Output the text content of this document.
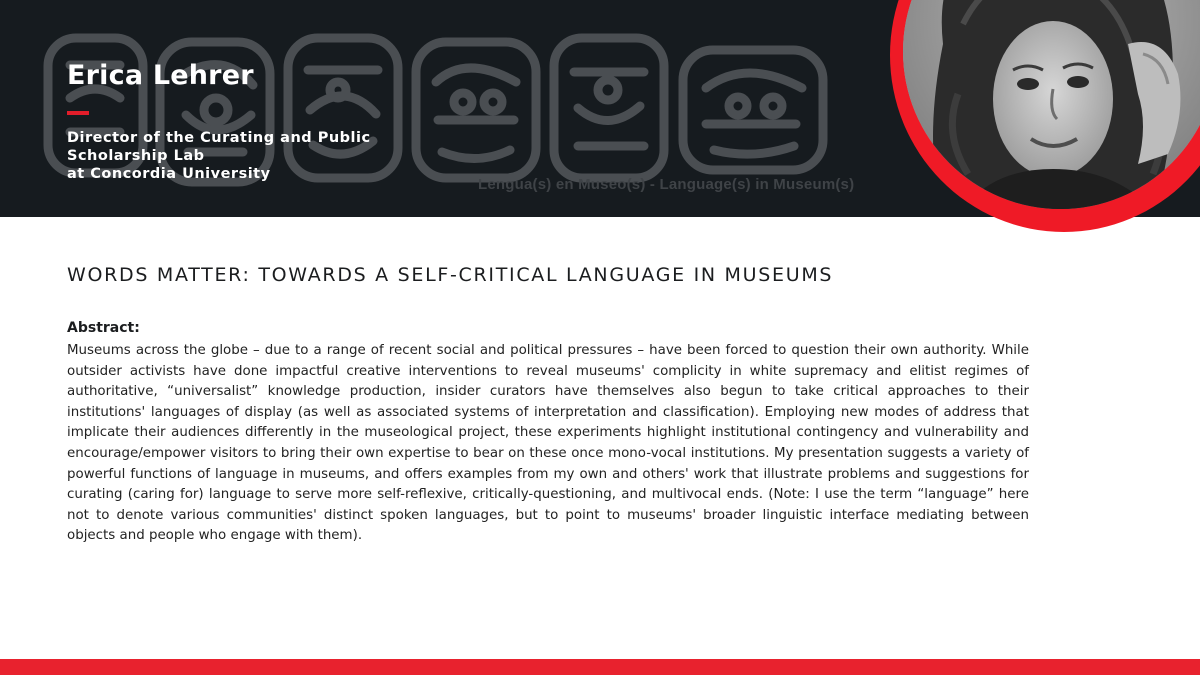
Lengua(s) en Museo(s) - Language(s) in Museum(s)
Erica Lehrer
Director of the Curating and Public
Scholarship Lab
at Concordia University
WORDS MATTER: TOWARDS A SELF-CRITICAL LANGUAGE IN MUSEUMS
Abstract:

Museums across the globe – due to a range of recent social and political pressures – have been forced to question their own authority. While outsider activists have done impactful creative interventions to reveal museums' complicity in white supremacy and elitist regimes of authoritative, “universalist” knowledge production, insider curators have themselves also begun to take critical approaches to their institutions' languages of display (as well as associated systems of interpretation and classification). Employing new modes of address that implicate their audiences differently in the museological project, these experiments highlight institutional contingency and vulnerability and encourage/empower visitors to bring their own expertise to bear on these once mono-vocal institutions. My presentation suggests a variety of powerful functions of language in museums, and offers examples from my own and others' work that illustrate problems and suggestions for curating (caring for) language to serve more self-reflexive, critically-questioning, and multivocal ends. (Note: I use the term “language” here not to denote various communities' distinct spoken languages, but to point to museums' broader linguistic interface mediating between objects and people who engage with them).
